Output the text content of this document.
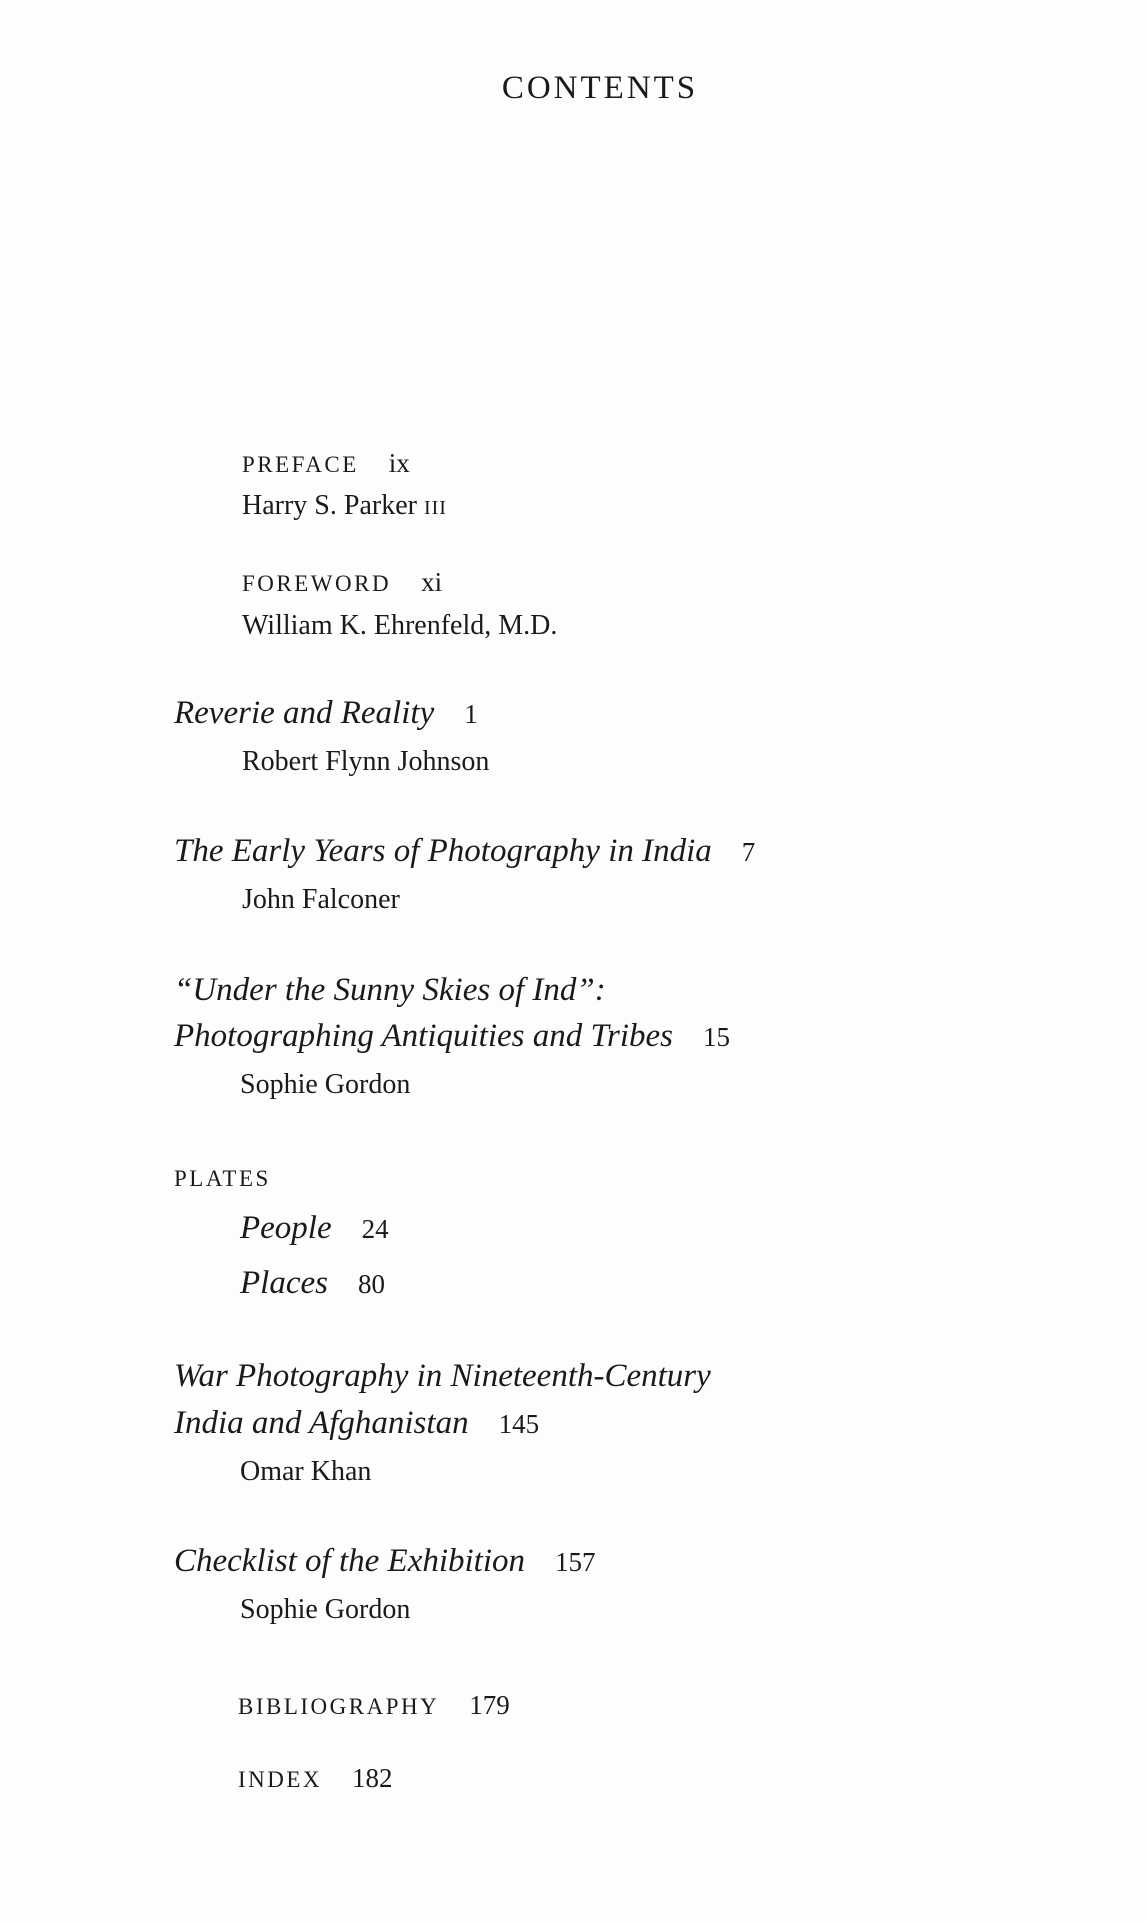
CONTENTS
PREFACE ix
Harry S. Parker III
FOREWORD xi
William K. Ehrenfeld, M.D.
Reverie and Reality 1
Robert Flynn Johnson
The Early Years of Photography in India 7
John Falconer
“Under the Sunny Skies of Ind”:
Photographing Antiquities and Tribes 15
Sophie Gordon
PLATES
People 24
Places 80
War Photography in Nineteenth-Century
India and Afghanistan 145
Omar Khan
Checklist of the Exhibition 157
Sophie Gordon
BIBLIOGRAPHY 179
INDEX 182
